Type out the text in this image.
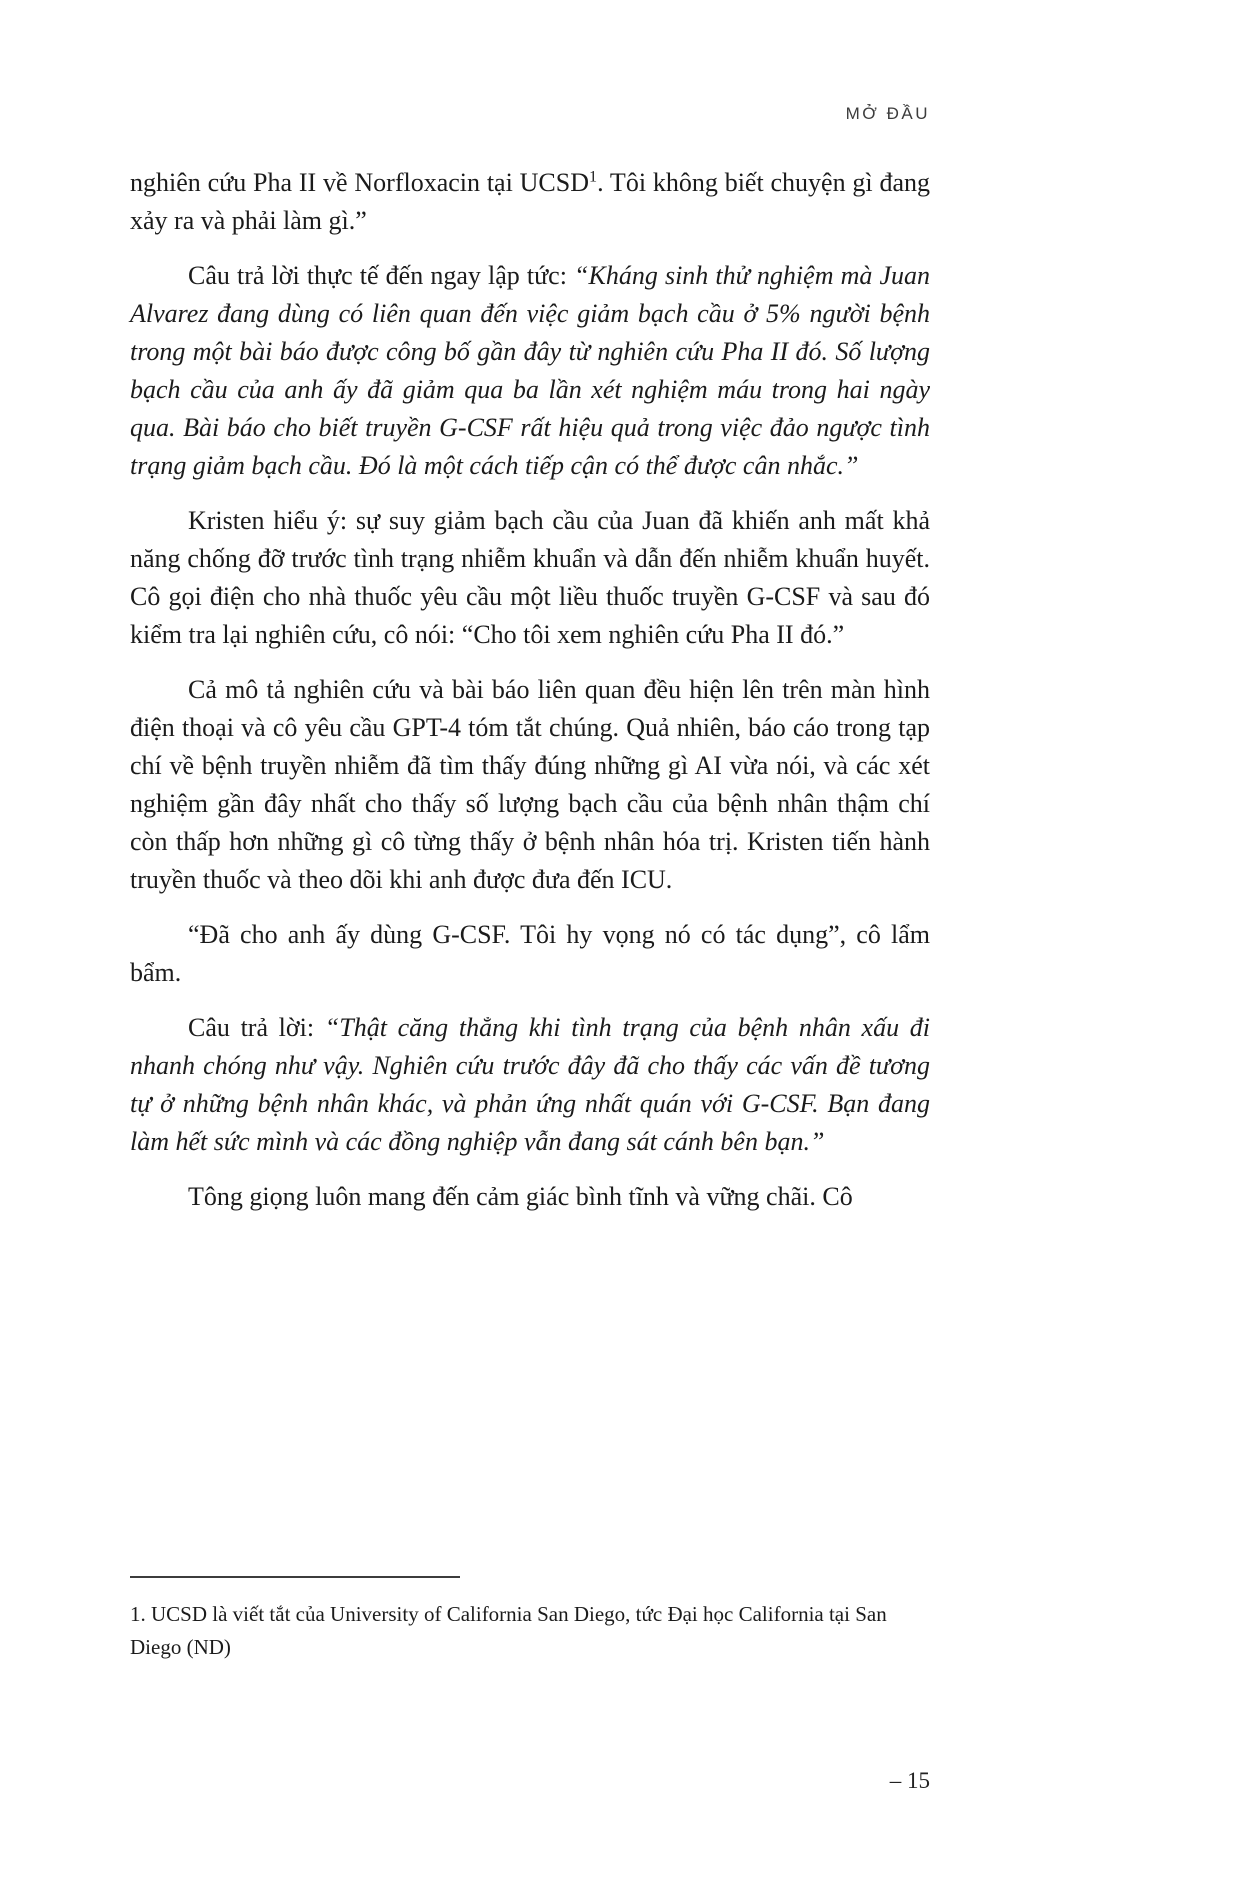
MỞ ĐẦU

nghiên cứu Pha II về Norfloxacin tại UCSD$^1$. Tôi không biết chuyện gì đang xảy ra và phải làm gì.”

Câu trả lời thực tế đến ngay lập tức: “Kháng sinh thử nghiệm mà Juan Alvarez đang dùng có liên quan đến việc giảm bạch cầu ở 5% người bệnh trong một bài báo được công bố gần đây từ nghiên cứu Pha II đó. Số lượng bạch cầu của anh ấy đã giảm qua ba lần xét nghiệm máu trong hai ngày qua. Bài báo cho biết truyền G-CSF rất hiệu quả trong việc đảo ngược tình trạng giảm bạch cầu. Đó là một cách tiếp cận có thể được cân nhắc.”

Kristen hiểu ý: sự suy giảm bạch cầu của Juan đã khiến anh mất khả năng chống đỡ trước tình trạng nhiễm khuẩn và dẫn đến nhiễm khuẩn huyết. Cô gọi điện cho nhà thuốc yêu cầu một liều thuốc truyền G-CSF và sau đó kiểm tra lại nghiên cứu, cô nói: “Cho tôi xem nghiên cứu Pha II đó.”

Cả mô tả nghiên cứu và bài báo liên quan đều hiện lên trên màn hình điện thoại và cô yêu cầu GPT-4 tóm tắt chúng. Quả nhiên, báo cáo trong tạp chí về bệnh truyền nhiễm đã tìm thấy đúng những gì AI vừa nói, và các xét nghiệm gần đây nhất cho thấy số lượng bạch cầu của bệnh nhân thậm chí còn thấp hơn những gì cô từng thấy ở bệnh nhân hóa trị. Kristen tiến hành truyền thuốc và theo dõi khi anh được đưa đến ICU.

“Đã cho anh ấy dùng G-CSF. Tôi hy vọng nó có tác dụng”, cô lẩm bẩm.

Câu trả lời: “Thật căng thẳng khi tình trạng của bệnh nhân xấu đi nhanh chóng như vậy. Nghiên cứu trước đây đã cho thấy các vấn đề tương tự ở những bệnh nhân khác, và phản ứng nhất quán với G-CSF. Bạn đang làm hết sức mình và các đồng nghiệp vẫn đang sát cánh bên bạn.”

Tông giọng luôn mang đến cảm giác bình tĩnh và vững chãi. Cô

1. UCSD là viết tắt của University of California San Diego, tức Đại học California tại San Diego (ND)

– 15
